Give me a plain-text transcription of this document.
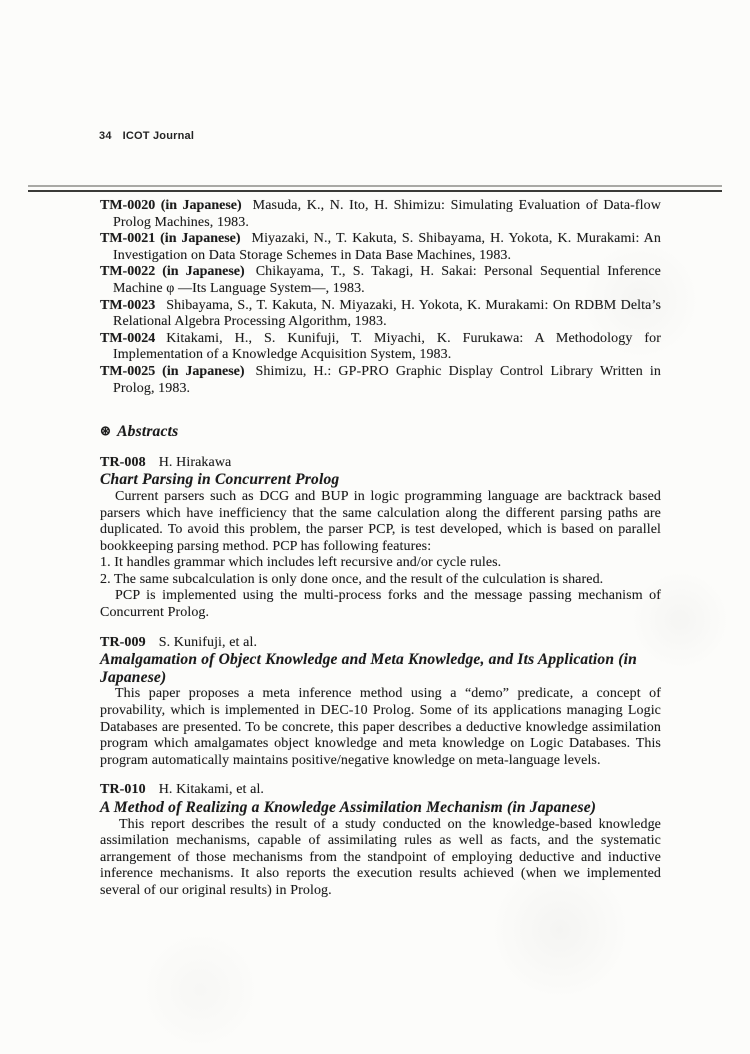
34 ICOT Journal

TM-0020 (in Japanese) Masuda, K., N. Ito, H. Shimizu: Simulating Evaluation of Data-flow Prolog Machines, 1983.

TM-0021 (in Japanese) Miyazaki, N., T. Kakuta, S. Shibayama, H. Yokota, K. Murakami: An Investigation on Data Storage Schemes in Data Base Machines, 1983.

TM-0022 (in Japanese) Chikayama, T., S. Takagi, H. Sakai: Personal Sequential Inference Machine φ —Its Language System—, 1983.

TM-0023 Shibayama, S., T. Kakuta, N. Miyazaki, H. Yokota, K. Murakami: On RDBM Delta’s Relational Algebra Processing Algorithm, 1983.

TM-0024 Kitakami, H., S. Kunifuji, T. Miyachi, K. Furukawa: A Methodology for Implementation of a Knowledge Acquisition System, 1983.

TM-0025 (in Japanese) Shimizu, H.: GP-PRO Graphic Display Control Library Written in Prolog, 1983.

⊛ Abstracts

TR-008 H. Hirakawa

Chart Parsing in Concurrent Prolog

Current parsers such as DCG and BUP in logic programming language are backtrack based parsers which have inefficiency that the same calculation along the different parsing paths are duplicated. To avoid this problem, the parser PCP, is test developed, which is based on parallel bookkeeping parsing method. PCP has following features:

1. It handles grammar which includes left recursive and/or cycle rules.

2. The same subcalculation is only done once, and the result of the culculation is shared.

PCP is implemented using the multi-process forks and the message passing mechanism of Concurrent Prolog.

TR-009 S. Kunifuji, et al.

Amalgamation of Object Knowledge and Meta Knowledge, and Its Application (in Japanese)

This paper proposes a meta inference method using a “demo” predicate, a concept of provability, which is implemented in DEC-10 Prolog. Some of its applications managing Logic Databases are presented. To be concrete, this paper describes a deductive knowledge assimilation program which amalgamates object knowledge and meta knowledge on Logic Databases. This program automatically maintains positive/negative knowledge on meta-language levels.

TR-010 H. Kitakami, et al.

A Method of Realizing a Knowledge Assimilation Mechanism (in Japanese)

This report describes the result of a study conducted on the knowledge-based knowledge assimilation mechanisms, capable of assimilating rules as well as facts, and the systematic arrangement of those mechanisms from the standpoint of employing deductive and inductive inference mechanisms. It also reports the execution results achieved (when we implemented several of our original results) in Prolog.
